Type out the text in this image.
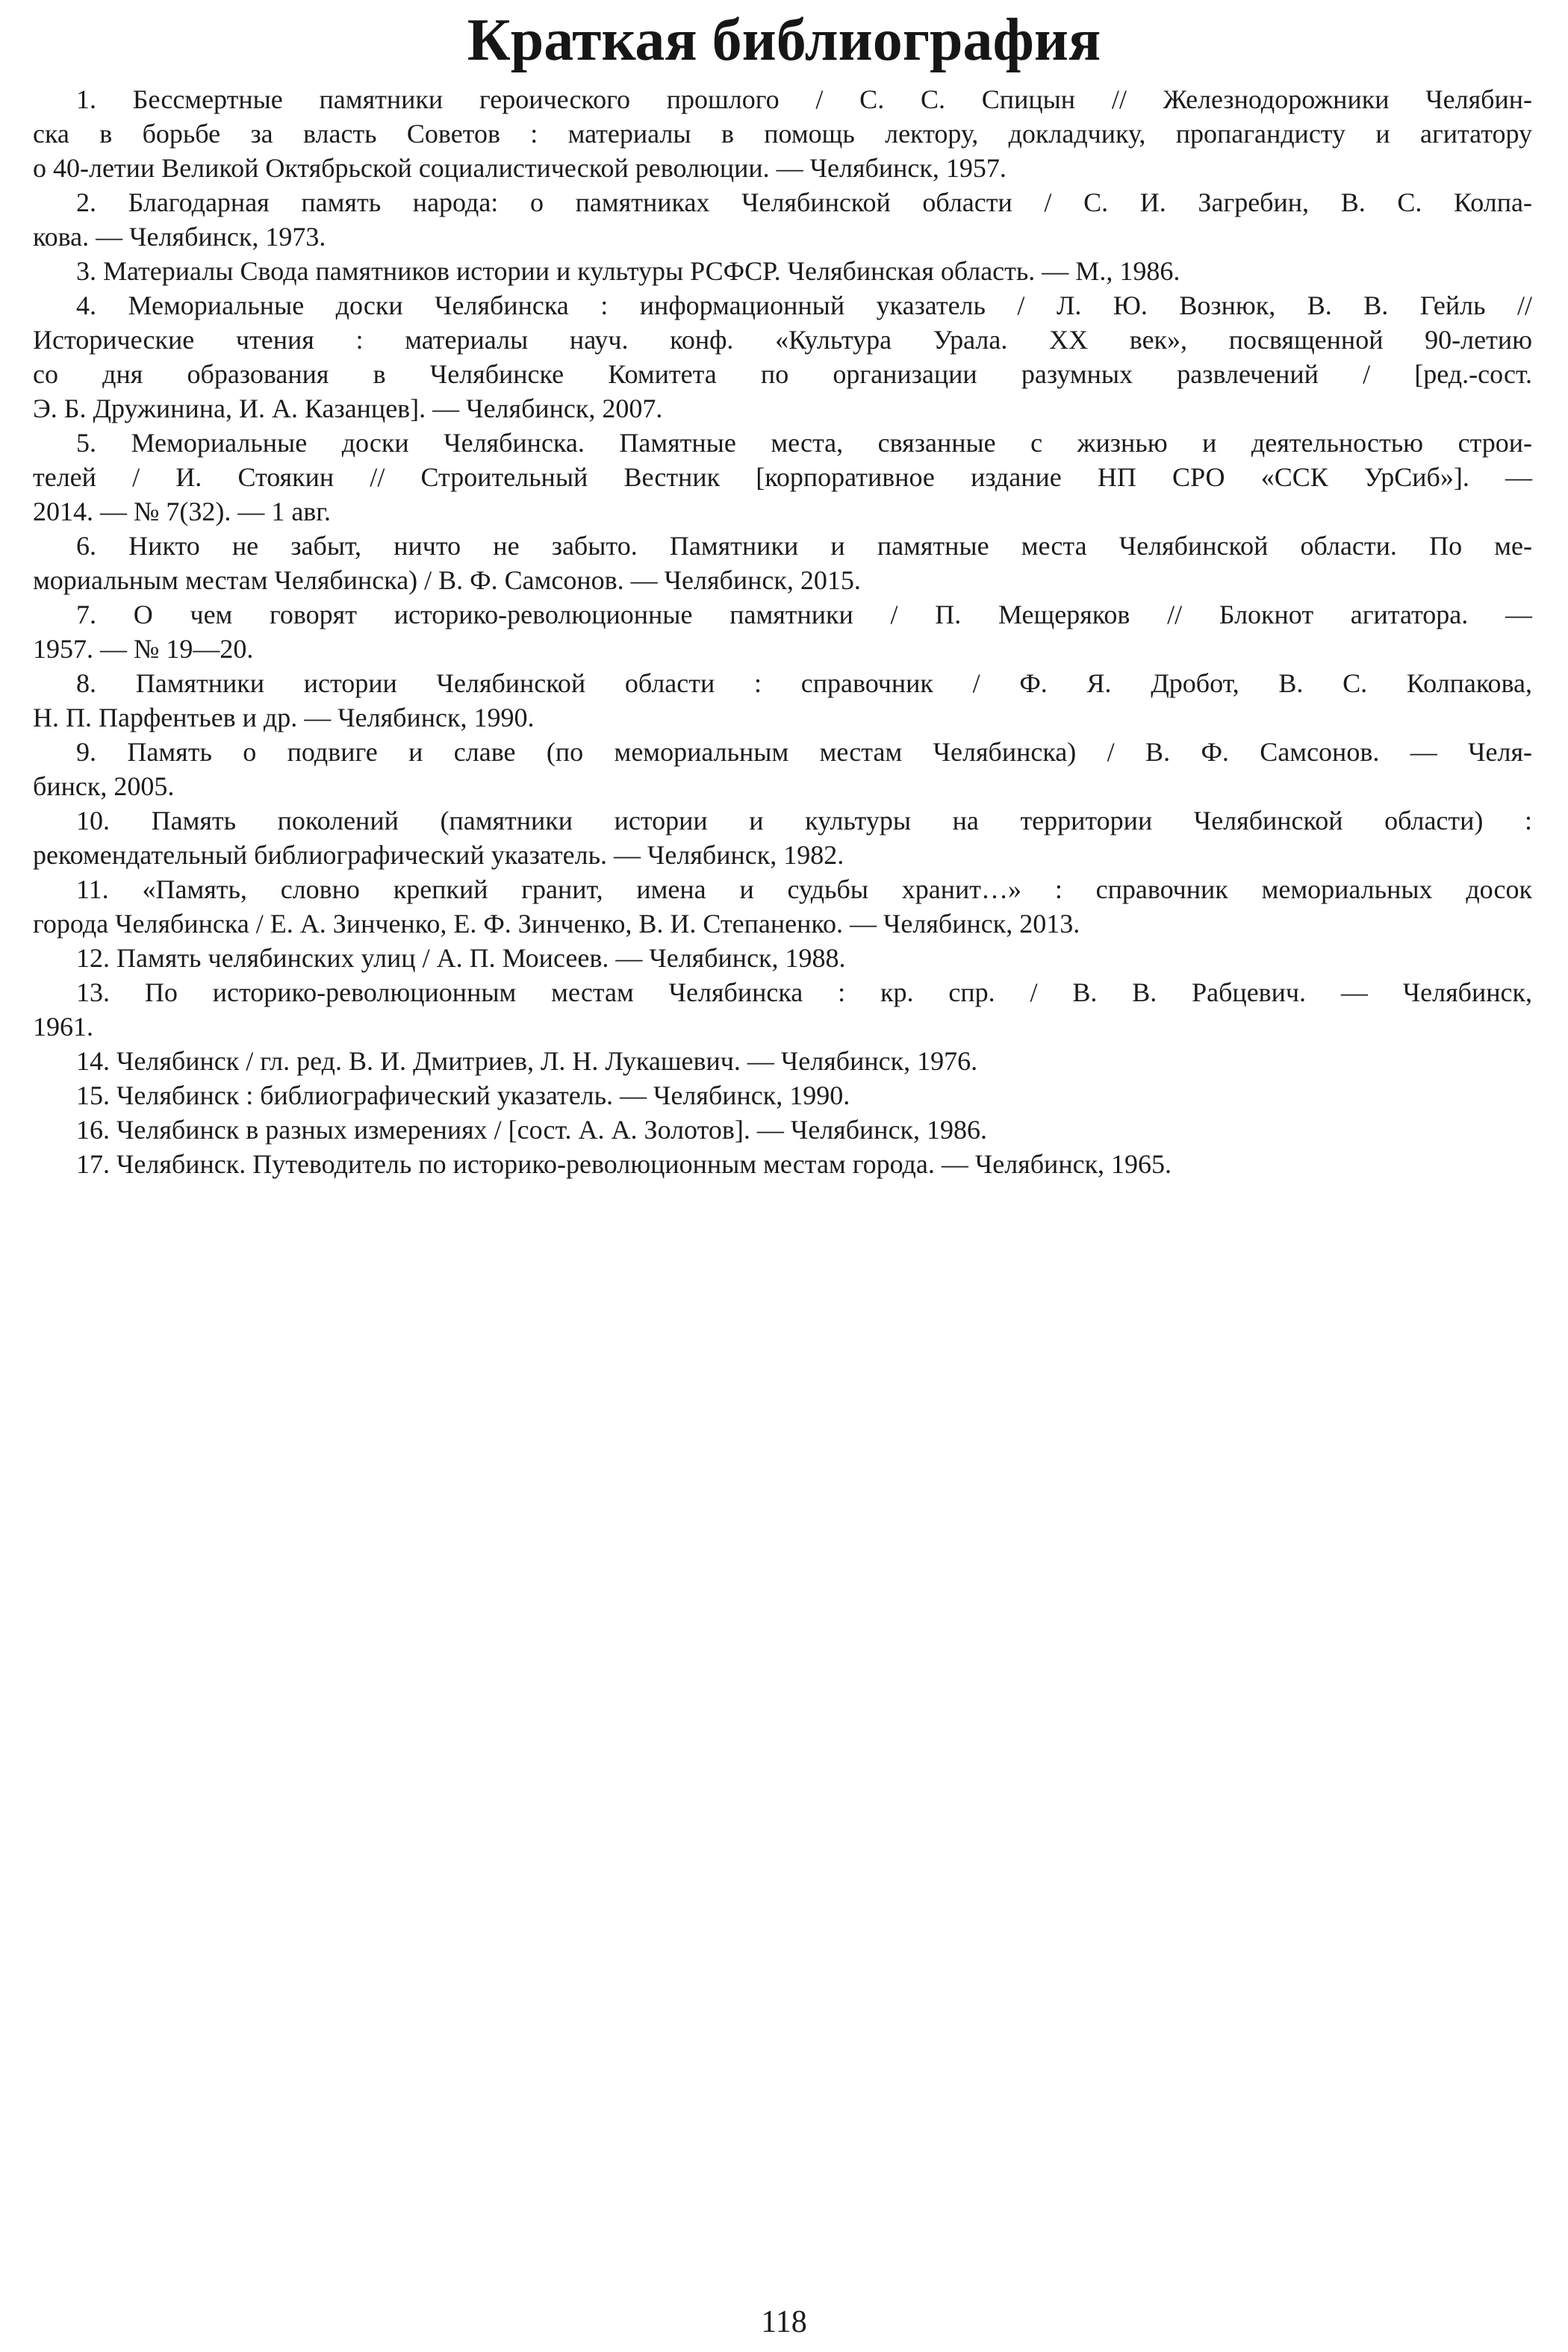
Краткая библиография

1. Бессмертные памятники героического прошлого / С. С. Спицын // Железнодорожники Челябин-
ска в борьбе за власть Советов : материалы в помощь лектору, докладчику, пропагандисту и агитатору
о 40-летии Великой Октябрьской социалистической революции. — Челябинск, 1957.

2. Благодарная память народа: о памятниках Челябинской области / С. И. Загребин, В. С. Колпа-
кова. — Челябинск, 1973.

3. Материалы Свода памятников истории и культуры РСФСР. Челябинская область. — М., 1986.

4. Мемориальные доски Челябинска : информационный указатель / Л. Ю. Вознюк, В. В. Гейль //
Исторические чтения : материалы науч. конф. «Культура Урала. XX век», посвященной 90-летию
со дня образования в Челябинске Комитета по организации разумных развлечений / [ред.-сост.
Э. Б. Дружинина, И. А. Казанцев]. — Челябинск, 2007.

5. Мемориальные доски Челябинска. Памятные места, связанные с жизнью и деятельностью строи-
телей / И. Стоякин // Строительный Вестник [корпоративное издание НП СРО «ССК УрСиб»]. —
2014. — № 7(32). — 1 авг.

6. Никто не забыт, ничто не забыто. Памятники и памятные места Челябинской области. По ме-
мориальным местам Челябинска) / В. Ф. Самсонов. — Челябинск, 2015.

7. О чем говорят историко-революционные памятники / П. Мещеряков // Блокнот агитатора. —
1957. — № 19—20.

8. Памятники истории Челябинской области : справочник / Ф. Я. Дробот, В. С. Колпакова,
Н. П. Парфентьев и др. — Челябинск, 1990.

9. Память о подвиге и славе (по мемориальным местам Челябинска) / В. Ф. Самсонов. — Челя-
бинск, 2005.

10. Память поколений (памятники истории и культуры на территории Челябинской области) :
рекомендательный библиографический указатель. — Челябинск, 1982.

11. «Память, словно крепкий гранит, имена и судьбы хранит…» : справочник мемориальных досок
города Челябинска / Е. А. Зинченко, Е. Ф. Зинченко, В. И. Степаненко. — Челябинск, 2013.

12. Память челябинских улиц / А. П. Моисеев. — Челябинск, 1988.

13. По историко-революционным местам Челябинска : кр. спр. / В. В. Рабцевич. — Челябинск,
1961.

14. Челябинск / гл. ред. В. И. Дмитриев, Л. Н. Лукашевич. — Челябинск, 1976.

15. Челябинск : библиографический указатель. — Челябинск, 1990.

16. Челябинск в разных измерениях / [сост. А. А. Золотов]. — Челябинск, 1986.

17. Челябинск. Путеводитель по историко-революционным местам города. — Челябинск, 1965.

118
